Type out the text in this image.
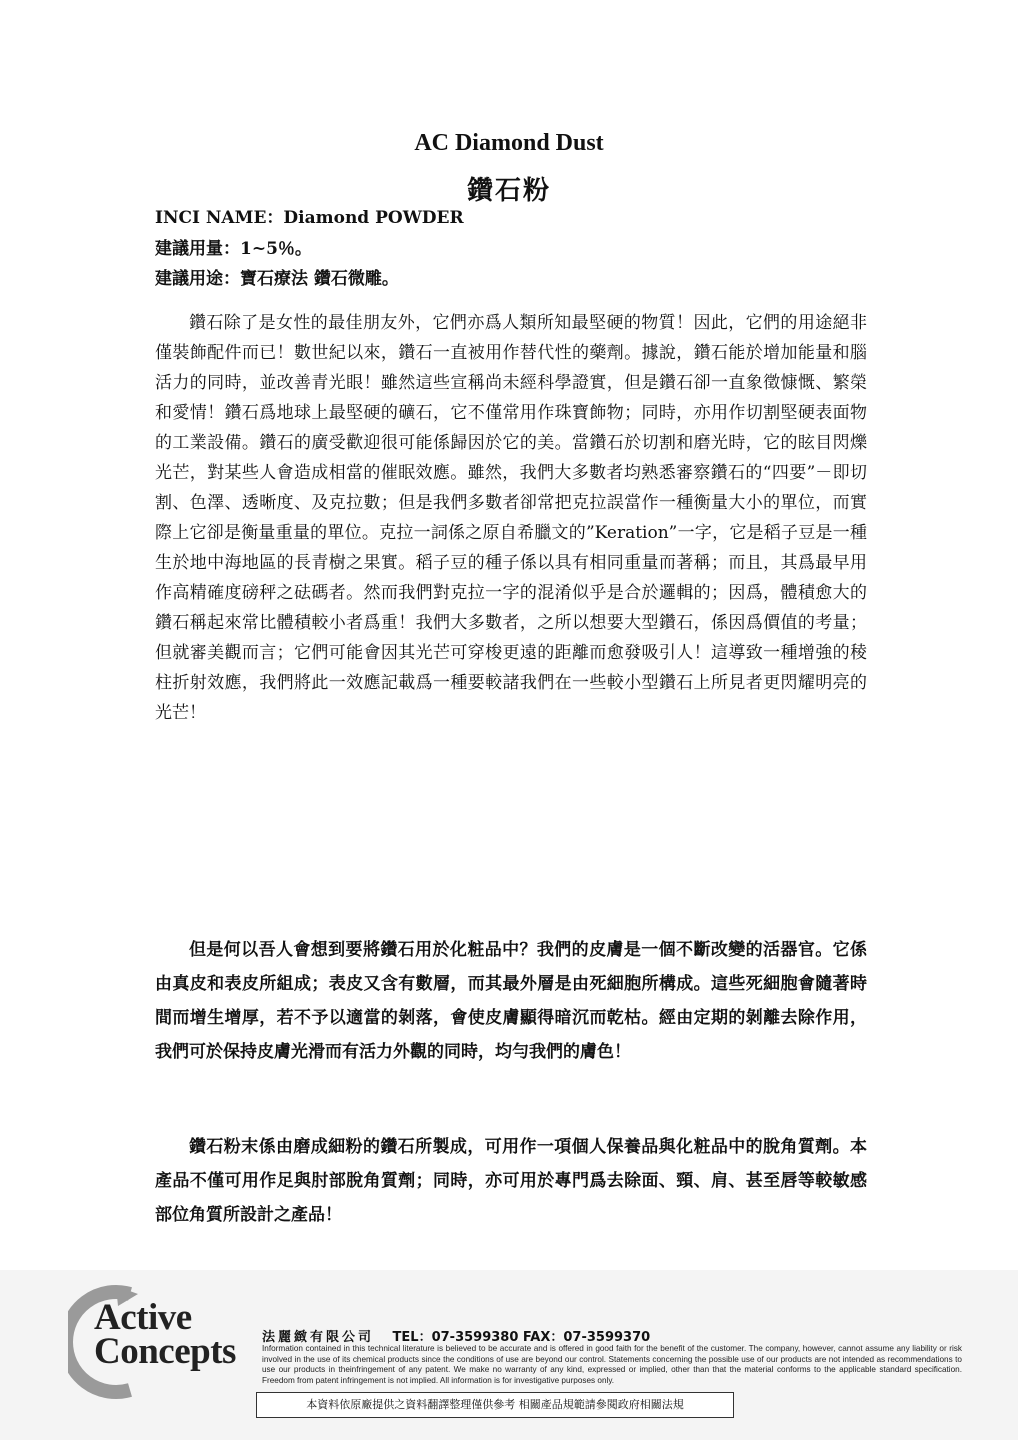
AC Diamond Dust
鑽石粉
INCI NAME：Diamond POWDER
建議用量：1~5％。
建議用途：寶石療法 鑽石微雕。

鑽石除了是女性的最佳朋友外，它們亦爲人類所知最堅硬的物質！因此，它們的用途絕非僅裝飾配件而已！數世紀以來，鑽石一直被用作替代性的藥劑。據說，鑽石能於增加能量和腦活力的同時，並改善青光眼！雖然這些宣稱尚未經科學證實，但是鑽石卻一直象徵慷慨、繁榮和愛情！鑽石爲地球上最堅硬的礦石，它不僅常用作珠寶飾物；同時，亦用作切割堅硬表面物的工業設備。鑽石的廣受歡迎很可能係歸因於它的美。當鑽石於切割和磨光時，它的眩目閃爍光芒，對某些人會造成相當的催眠效應。雖然，我們大多數者均熟悉審察鑽石的“四要”－即切割、色澤、透晰度、及克拉數；但是我們多數者卻常把克拉誤當作一種衡量大小的單位，而實際上它卻是衡量重量的單位。克拉一詞係之原自希臘文的”Keration”一字，它是稻子豆是一種生於地中海地區的長青樹之果實。稻子豆的種子係以具有相同重量而著稱；而且，其爲最早用作高精確度磅秤之砝碼者。然而我們對克拉一字的混淆似乎是合於邏輯的；因爲，體積愈大的鑽石稱起來常比體積較小者爲重！我們大多數者，之所以想要大型鑽石，係因爲價值的考量；但就審美觀而言；它們可能會因其光芒可穿梭更遠的距離而愈發吸引人！這導致一種增強的稜柱折射效應，我們將此一效應記載爲一種要較諸我們在一些較小型鑽石上所見者更閃耀明亮的光芒！

但是何以吾人會想到要將鑽石用於化粧品中？我們的皮膚是一個不斷改變的活器官。它係由真皮和表皮所組成；表皮又含有數層，而其最外層是由死細胞所構成。這些死細胞會隨著時間而增生增厚，若不予以適當的剝落，會使皮膚顯得暗沉而乾枯。經由定期的剝離去除作用，我們可於保持皮膚光滑而有活力外觀的同時，均勻我們的膚色！

鑽石粉末係由磨成細粉的鑽石所製成，可用作一項個人保養品與化粧品中的脫角質劑。本產品不僅可用作足與肘部脫角質劑；同時，亦可用於專門爲去除面、頸、肩、甚至唇等較敏感部位角質所設計之產品！

Active
Concepts 法麗緻有限公司 TEL：07-3599380 FAX：07-3599370
Information contained in this technical literature is believed to be accurate and is offered in good faith for the benefit of the customer. The company, however, cannot assume any liability or risk involved in the use of its chemical products since the conditions of use are beyond our control. Statements concerning the possible use of our products are not intended as recommendations to use our products in theinfringement of any patent. We make no warranty of any kind, expressed or implied, other than that the material conforms to the applicable standard specification. Freedom from patent infringement is not implied. All information is for investigative purposes only.
本資料依原廠提供之資料翻譯整理僅供參考 相關產品規範請參閱政府相關法規
